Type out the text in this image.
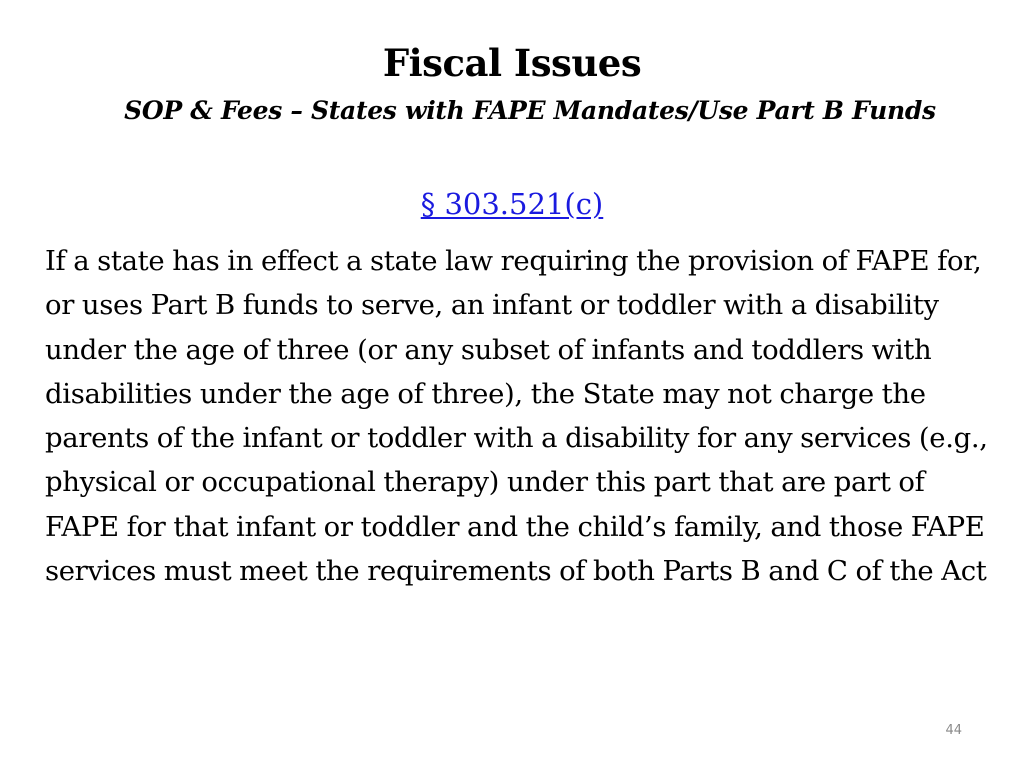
Fiscal Issues
SOP & Fees – States with FAPE Mandates/Use Part B Funds
§ 303.521(c)

If a state has in effect a state law requiring the provision of FAPE for, or uses Part B funds to serve, an infant or toddler with a disability under the age of three (or any subset of infants and toddlers with disabilities under the age of three), the State may not charge the parents of the infant or toddler with a disability for any services (e.g., physical or occupational therapy) under this part that are part of FAPE for that infant or toddler and the child’s family, and those FAPE services must meet the requirements of both Parts B and C of the Act

44
